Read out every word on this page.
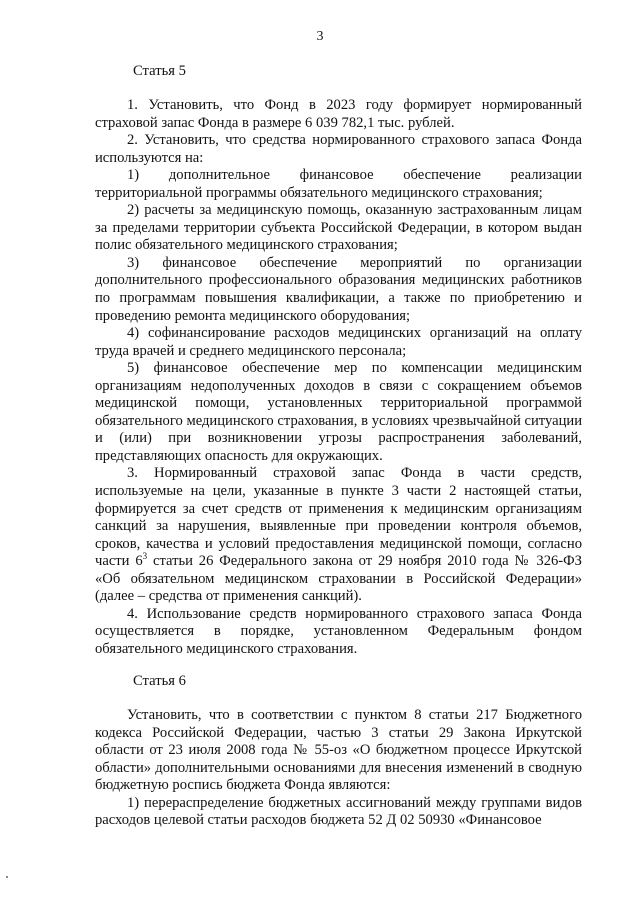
3
Статья 5

1. Установить, что Фонд в 2023 году формирует нормированный страховой запас Фонда в размере 6 039 782,1 тыс. рублей.

2. Установить, что средства нормированного страхового запаса Фонда используются на:

1) дополнительное финансовое обеспечение реализации территориальной программы обязательного медицинского страхования;

2) расчеты за медицинскую помощь, оказанную застрахованным лицам за пределами территории субъекта Российской Федерации, в котором выдан полис обязательного медицинского страхования;

3) финансовое обеспечение мероприятий по организации дополнительного профессионального образования медицинских работников по программам повышения квалификации, а также по приобретению и проведению ремонта медицинского оборудования;

4) софинансирование расходов медицинских организаций на оплату труда врачей и среднего медицинского персонала;

5) финансовое обеспечение мер по компенсации медицинским организациям недополученных доходов в связи с сокращением объемов медицинской помощи, установленных территориальной программой обязательного медицинского страхования, в условиях чрезвычайной ситуации и (или) при возникновении угрозы распространения заболеваний, представляющих опасность для окружающих.

3. Нормированный страховой запас Фонда в части средств, используемые на цели, указанные в пункте 3 части 2 настоящей статьи, формируется за счет средств от применения к медицинским организациям санкций за нарушения, выявленные при проведении контроля объемов, сроков, качества и условий предоставления медицинской помощи, согласно части $6^3$ статьи 26 Федерального закона от 29 ноября 2010 года № 326-ФЗ «Об обязательном медицинском страховании в Российской Федерации» (далее – средства от применения санкций).

4. Использование средств нормированного страхового запаса Фонда осуществляется в порядке, установленном Федеральным фондом обязательного медицинского страхования.

Статья 6

Установить, что в соответствии с пунктом 8 статьи 217 Бюджетного кодекса Российской Федерации, частью 3 статьи 29 Закона Иркутской области от 23 июля 2008 года № 55-оз «О бюджетном процессе Иркутской области» дополнительными основаниями для внесения изменений в сводную бюджетную роспись бюджета Фонда являются:

1) перераспределение бюджетных ассигнований между группами видов расходов целевой статьи расходов бюджета 52 Д 02 50930 «Финансовое
